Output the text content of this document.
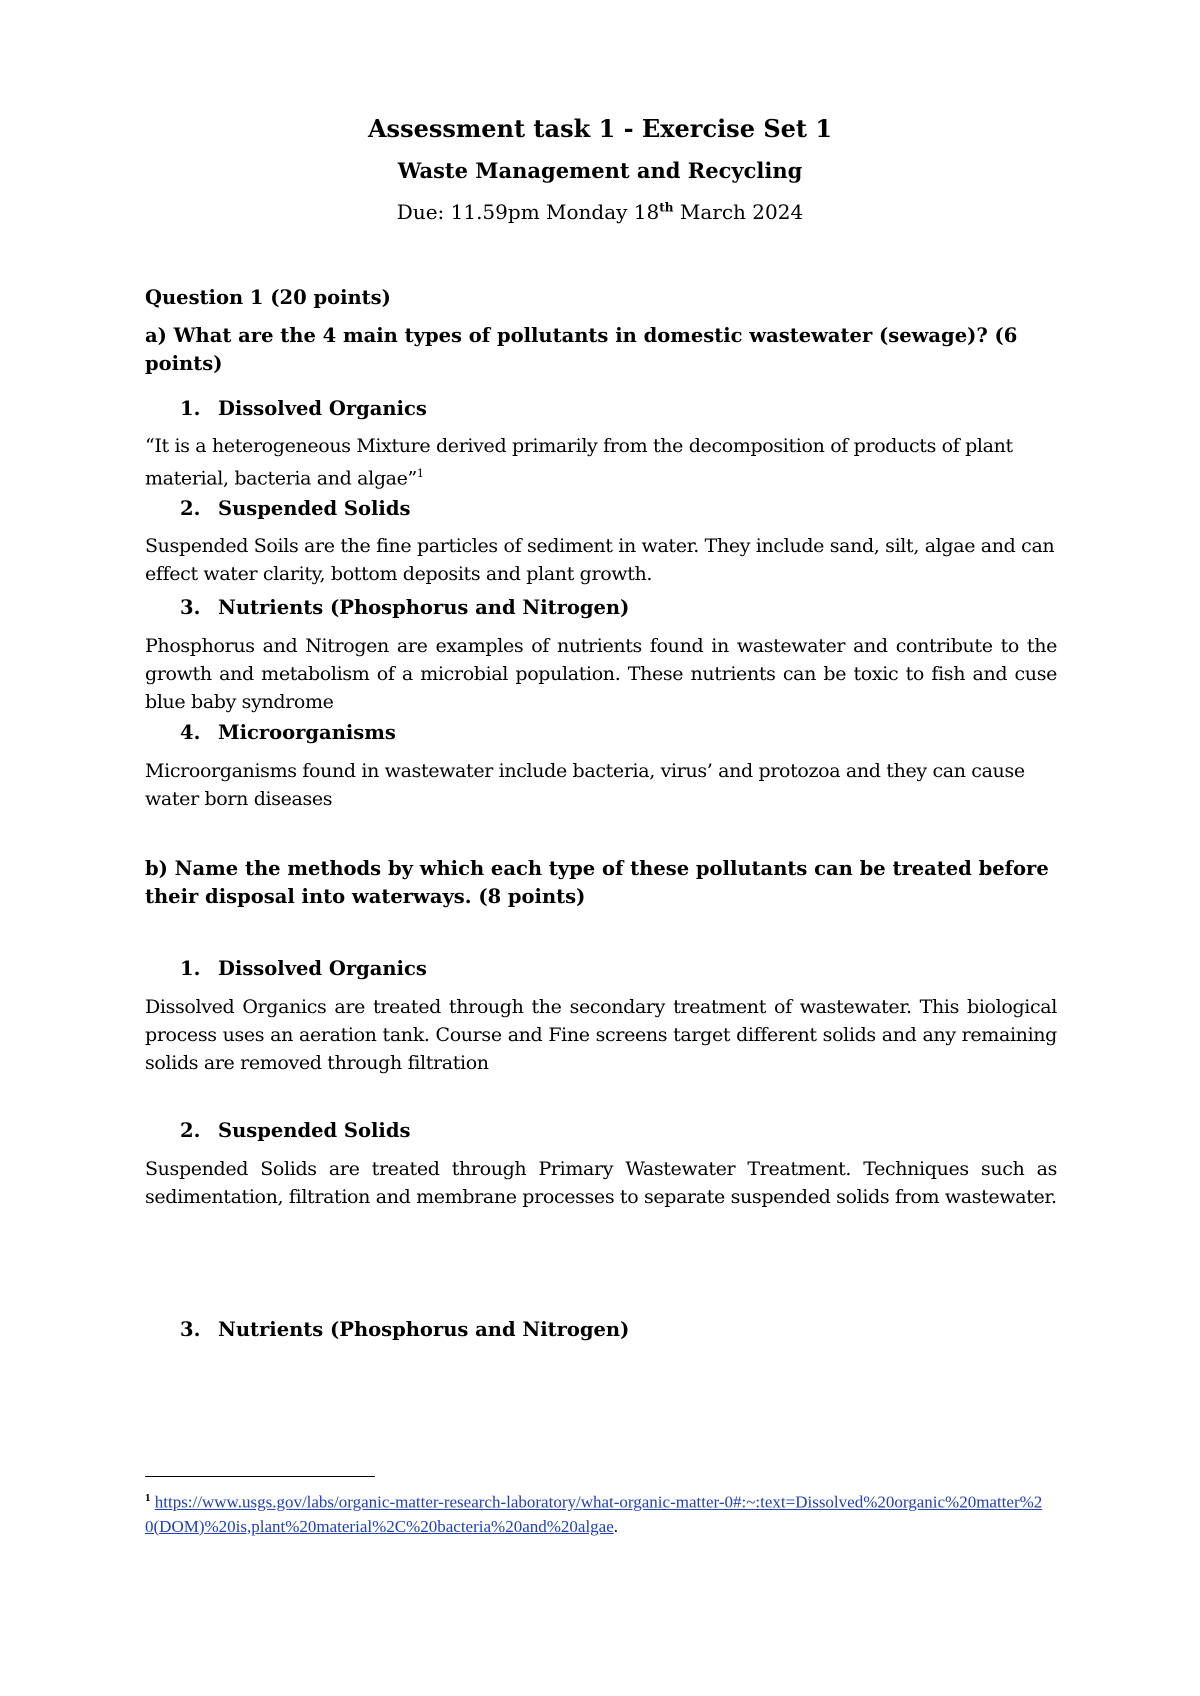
Assessment task 1 - Exercise Set 1
Waste Management and Recycling
Due: 11.59pm Monday 18th March 2024
Question 1 (20 points)
a) What are the 4 main types of pollutants in domestic wastewater (sewage)? (6 points)
1. Dissolved Organics
“It is a heterogeneous Mixture derived primarily from the decomposition of products of plant material, bacteria and algae”$^1$
2. Suspended Solids
Suspended Soils are the fine particles of sediment in water. They include sand, silt, algae and can effect water clarity, bottom deposits and plant growth.
3. Nutrients (Phosphorus and Nitrogen)
Phosphorus and Nitrogen are examples of nutrients found in wastewater and contribute to the growth and metabolism of a microbial population. These nutrients can be toxic to fish and cuse blue baby syndrome
4. Microorganisms
Microorganisms found in wastewater include bacteria, virus’ and protozoa and they can cause water born diseases
b) Name the methods by which each type of these pollutants can be treated before their disposal into waterways. (8 points)
1. Dissolved Organics
Dissolved Organics are treated through the secondary treatment of wastewater. This biological process uses an aeration tank. Course and Fine screens target different solids and any remaining solids are removed through filtration
2. Suspended Solids
Suspended Solids are treated through Primary Wastewater Treatment. Techniques such as sedimentation, filtration and membrane processes to separate suspended solids from wastewater.
3. Nutrients (Phosphorus and Nitrogen)
$^1$ https://www.usgs.gov/labs/organic-matter-research-laboratory/what-organic-matter-0#:~:text=Dissolved%20organic%20matter%20(DOM)%20is,plant%20material%2C%20bacteria%20and%20algae.
